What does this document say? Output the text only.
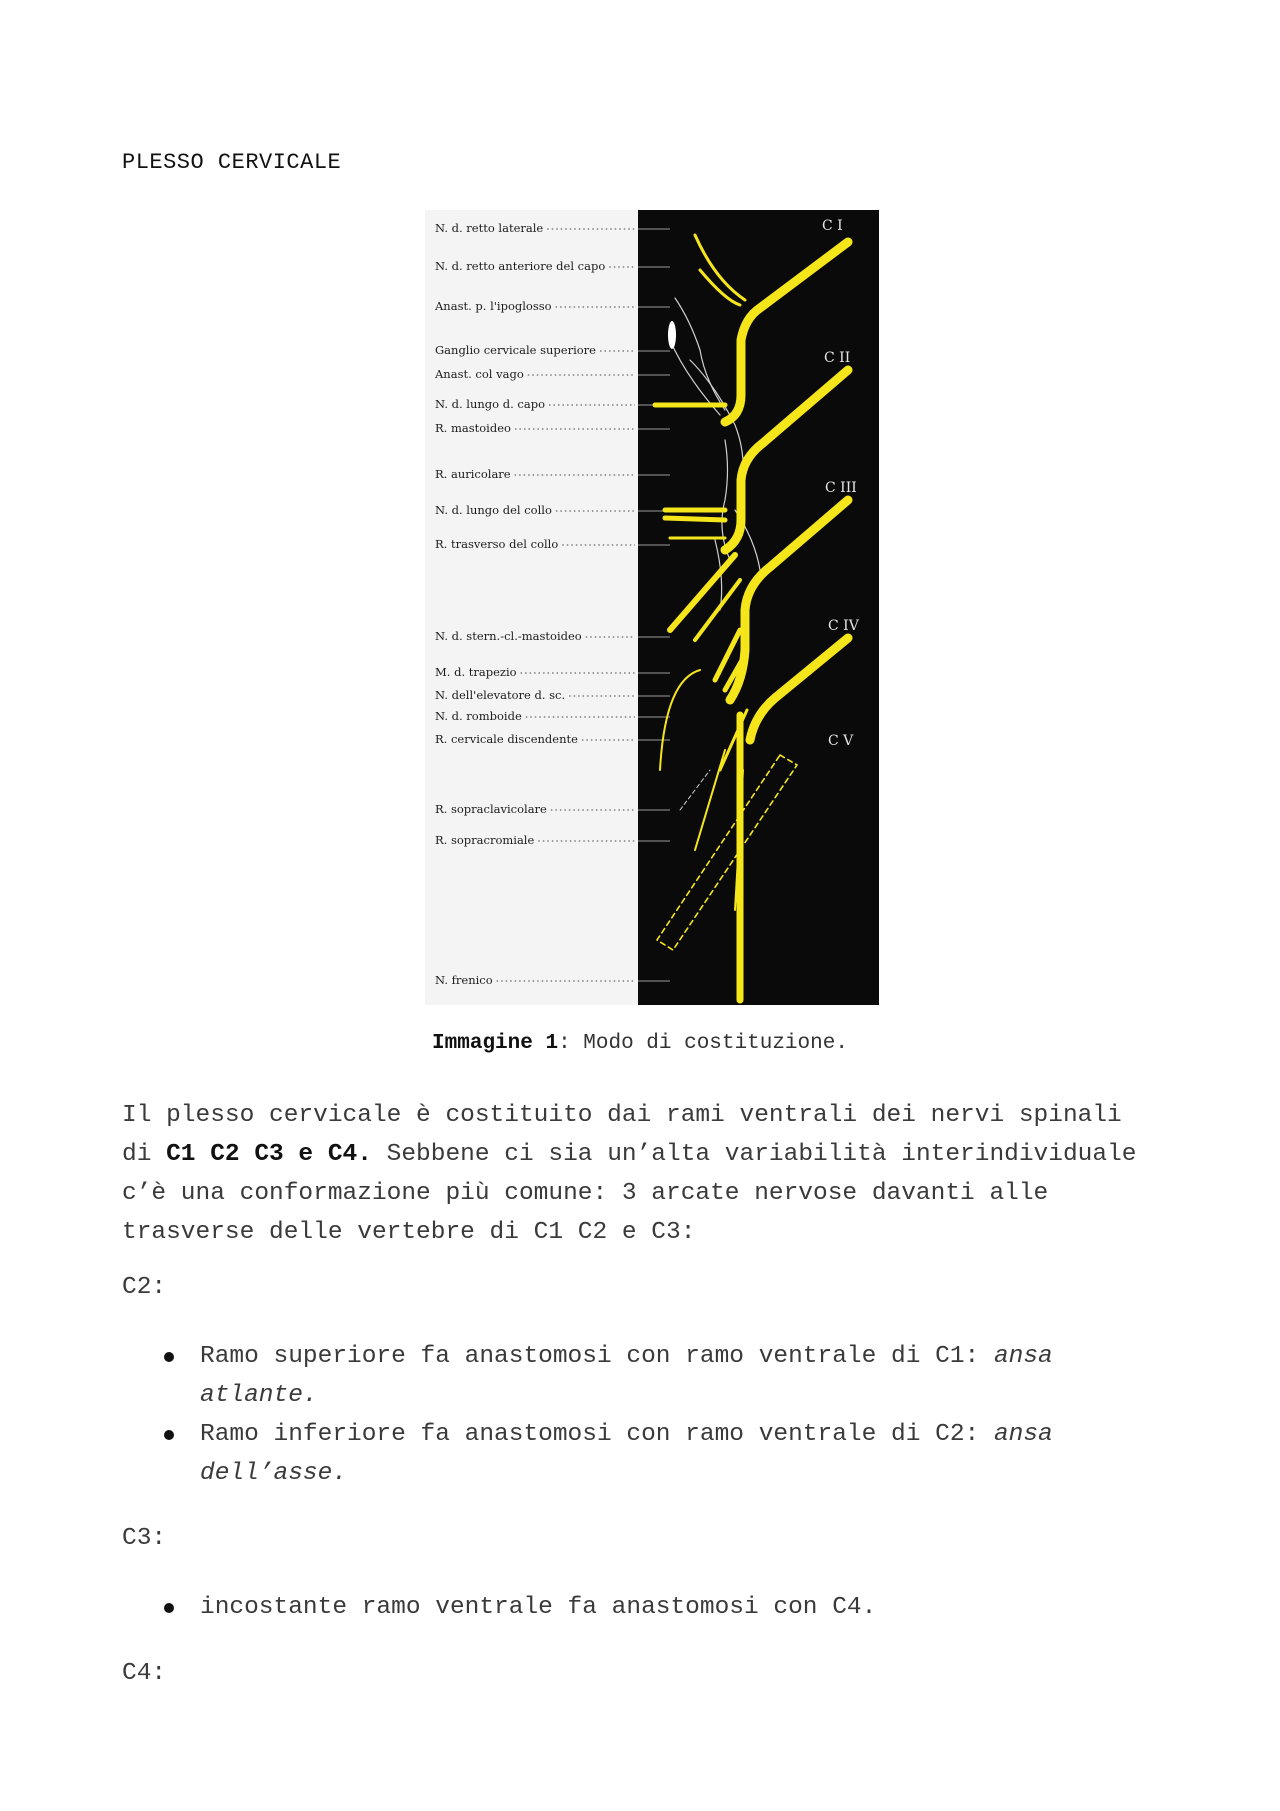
PLESSO CERVICALE
N. d. retto laterale
N. d. retto anteriore del capo
Anast. p. l'ipoglosso
Ganglio cervicale superiore
Anast. col vago
N. d. lungo d. capo
R. mastoideo
R. auricolare
N. d. lungo del collo
R. trasverso del collo
N. d. stern.-cl.-mastoideo
M. d. trapezio
N. dell'elevatore d. sc.
N. d. romboide
R. cervicale discendente
R. sopraclavicolare
R. sopracromiale
N. frenico
C I
C II
C III
C IV
C V
Immagine 1: Modo di costituzione.
Il plesso cervicale è costituito dai rami ventrali dei nervi spinali di C1 C2 C3 e C4. Sebbene ci sia un’alta variabilità interindividuale c’è una conformazione più comune: 3 arcate nervose davanti alle trasverse delle vertebre di C1 C2 e C3:
C2:
Ramo superiore fa anastomosi con ramo ventrale di C1: ansa atlante.
Ramo inferiore fa anastomosi con ramo ventrale di C2: ansa dell’asse.
C3:
incostante ramo ventrale fa anastomosi con C4.
C4:
